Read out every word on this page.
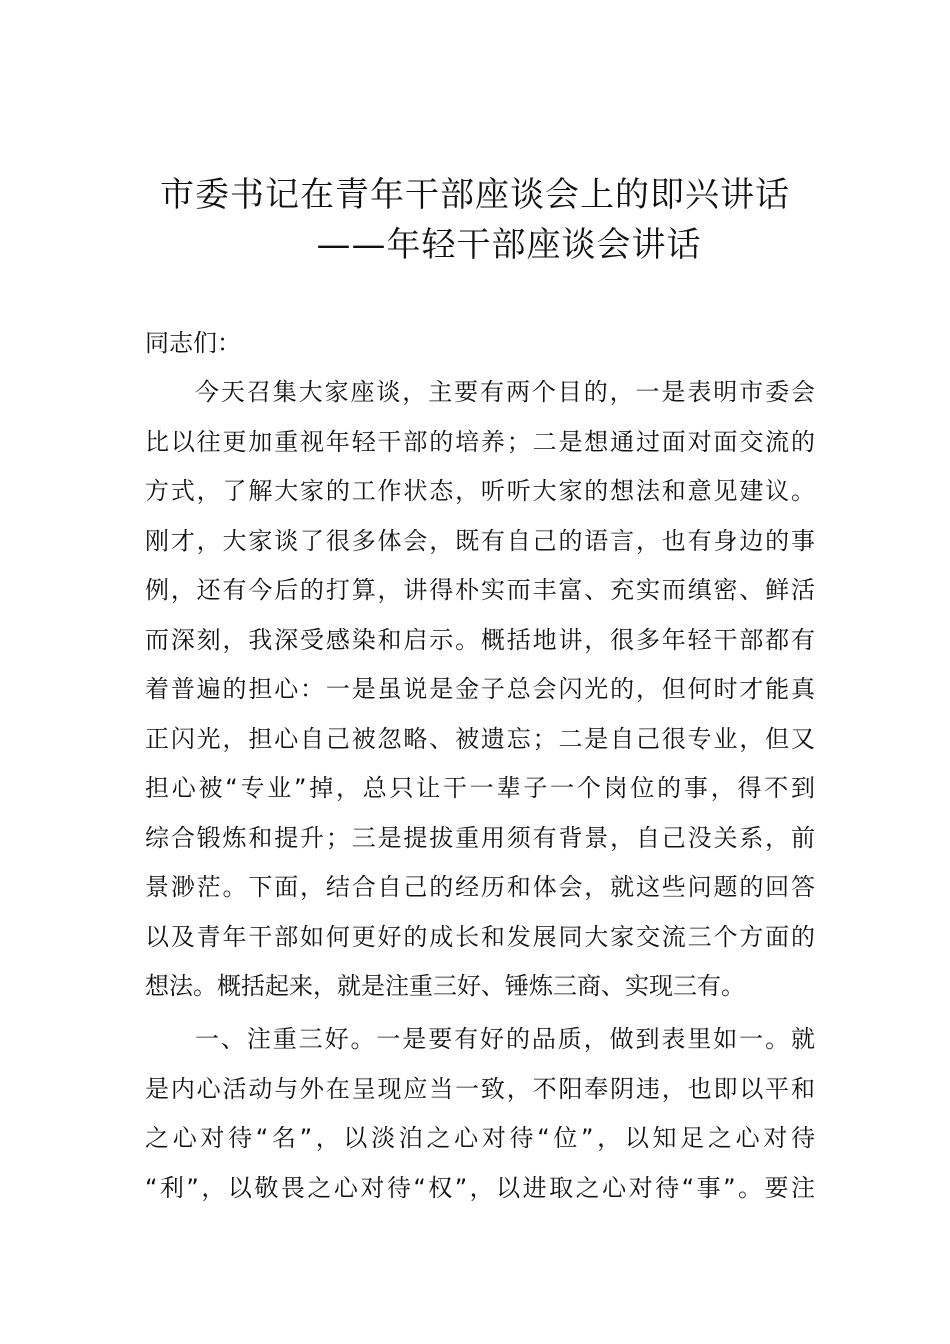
市委书记在青年干部座谈会上的即兴讲话
——年轻干部座谈会讲话
同志们：
今天召集大家座谈，主要有两个目的，一是表明市委会
比以往更加重视年轻干部的培养；二是想通过面对面交流的
方式，了解大家的工作状态，听听大家的想法和意见建议。
刚才，大家谈了很多体会，既有自己的语言，也有身边的事
例，还有今后的打算，讲得朴实而丰富、充实而缜密、鲜活
而深刻，我深受感染和启示。概括地讲，很多年轻干部都有
着普遍的担心：一是虽说是金子总会闪光的，但何时才能真
正闪光，担心自己被忽略、被遗忘；二是自己很专业，但又
担心被“专业”掉，总只让干一辈子一个岗位的事，得不到
综合锻炼和提升；三是提拔重用须有背景，自己没关系，前
景渺茫。下面，结合自己的经历和体会，就这些问题的回答
以及青年干部如何更好的成长和发展同大家交流三个方面的
想法。概括起来，就是注重三好、锤炼三商、实现三有。
一、注重三好。一是要有好的品质，做到表里如一。就
是内心活动与外在呈现应当一致，不阳奉阴违，也即以平和
之心对待“名”，以淡泊之心对待“位”，以知足之心对待
“利”，以敬畏之心对待“权”，以进取之心对待“事”。要注
